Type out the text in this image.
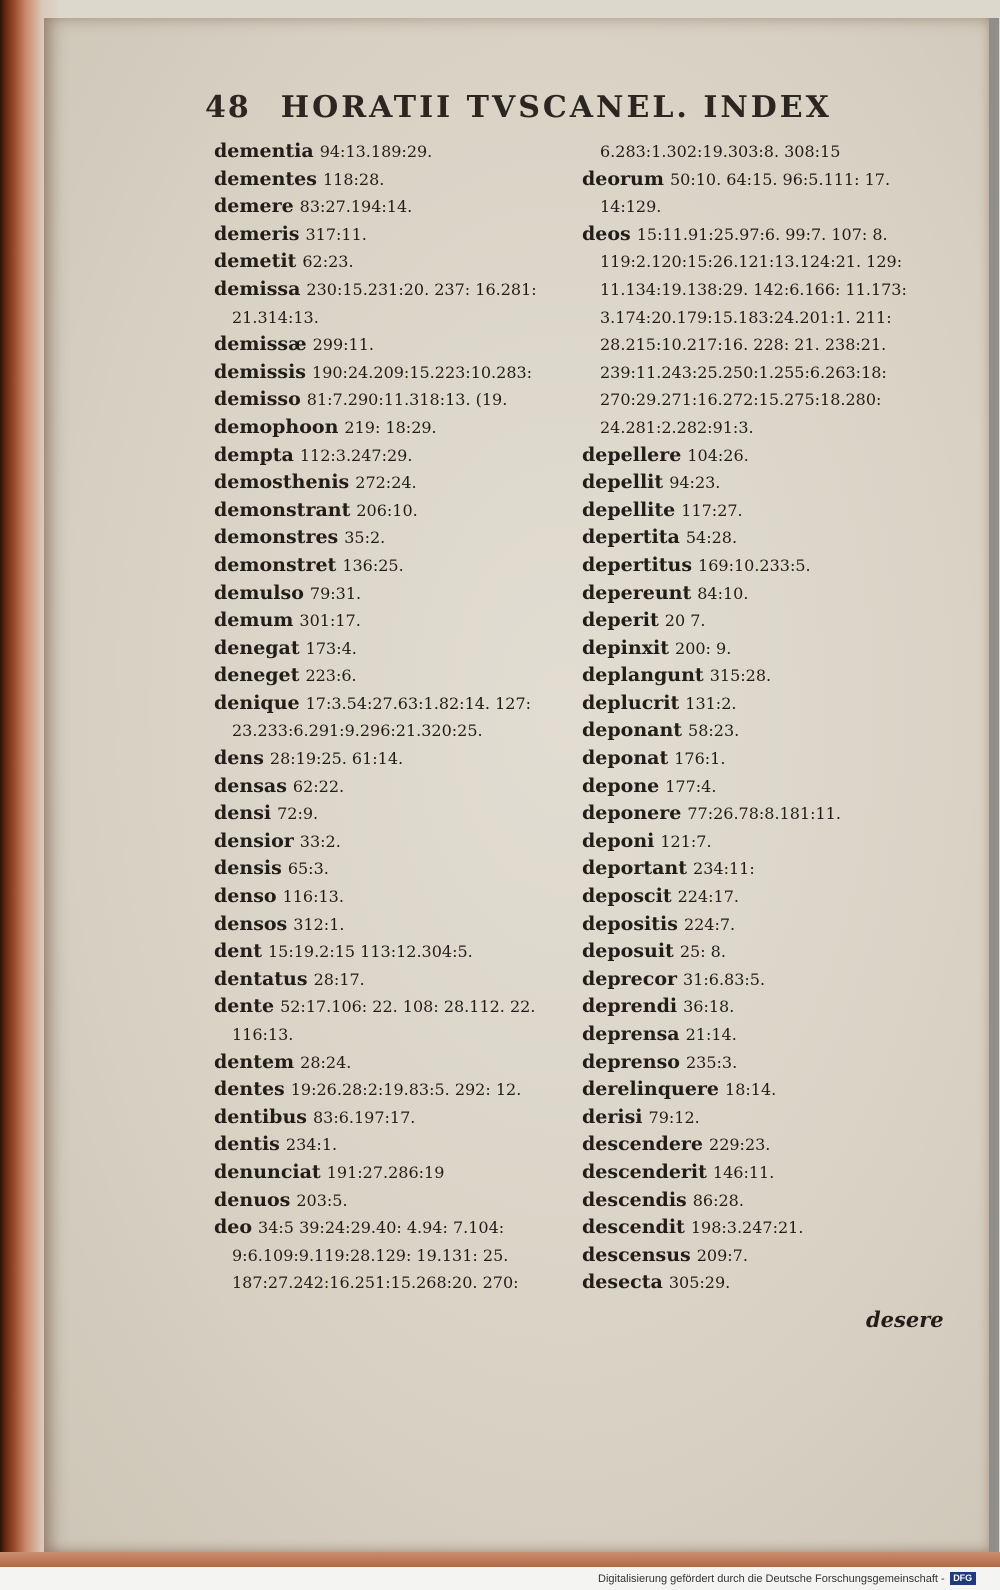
48 HORATII TVSCANEL. INDEX

dementia 94:13.189:29.

dementes 118:28.

demere 83:27.194:14.

demeris 317:11.

demetit 62:23.

demissa 230:15.231:20. 237: 16.281:

21.314:13.

demissæ 299:11.

demissis 190:24.209:15.223:10.283:

demisso 81:7.290:11.318:13. (19.

demophoon 219: 18:29.

dempta 112:3.247:29.

demosthenis 272:24.

demonstrant 206:10.

demonstres 35:2.

demonstret 136:25.

demulso 79:31.

demum 301:17.

denegat 173:4.

deneget 223:6.

denique 17:3.54:27.63:1.82:14. 127:

23.233:6.291:9.296:21.320:25.

dens 28:19:25. 61:14.

densas 62:22.

densi 72:9.

densior 33:2.

densis 65:3.

denso 116:13.

densos 312:1.

dent 15:19.2:15 113:12.304:5.

dentatus 28:17.

dente 52:17.106: 22. 108: 28.112. 22.

116:13.

dentem 28:24.

dentes 19:26.28:2:19.83:5. 292: 12.

dentibus 83:6.197:17.

dentis 234:1.

denunciat 191:27.286:19

denuos 203:5.

deo 34:5 39:24:29.40: 4.94: 7.104:

9:6.109:9.119:28.129: 19.131: 25.

187:27.242:16.251:15.268:20. 270:

6.283:1.302:19.303:8. 308:15

deorum 50:10. 64:15. 96:5.111: 17.

14:129.

deos 15:11.91:25.97:6. 99:7. 107: 8.

119:2.120:15:26.121:13.124:21. 129:

11.134:19.138:29. 142:6.166: 11.173:

3.174:20.179:15.183:24.201:1. 211:

28.215:10.217:16. 228: 21. 238:21.

239:11.243:25.250:1.255:6.263:18:

270:29.271:16.272:15.275:18.280:

24.281:2.282:91:3.

depellere 104:26.

depellit 94:23.

depellite 117:27.

depertita 54:28.

depertitus 169:10.233:5.

depereunt 84:10.

deperit 20 7.

depinxit 200: 9.

deplangunt 315:28.

deplucrit 131:2.

deponant 58:23.

deponat 176:1.

depone 177:4.

deponere 77:26.78:8.181:11.

deponi 121:7.

deportant 234:11:

deposcit 224:17.

depositis 224:7.

deposuit 25: 8.

deprecor 31:6.83:5.

deprendi 36:18.

deprensa 21:14.

deprenso 235:3.

derelinquere 18:14.

derisi 79:12.

descendere 229:23.

descenderit 146:11.

descendis 86:28.

descendit 198:3.247:21.

descensus 209:7.

desecta 305:29.

desere
Digitalisierung gefördert durch die Deutsche Forschungsgemeinschaft - DFG
